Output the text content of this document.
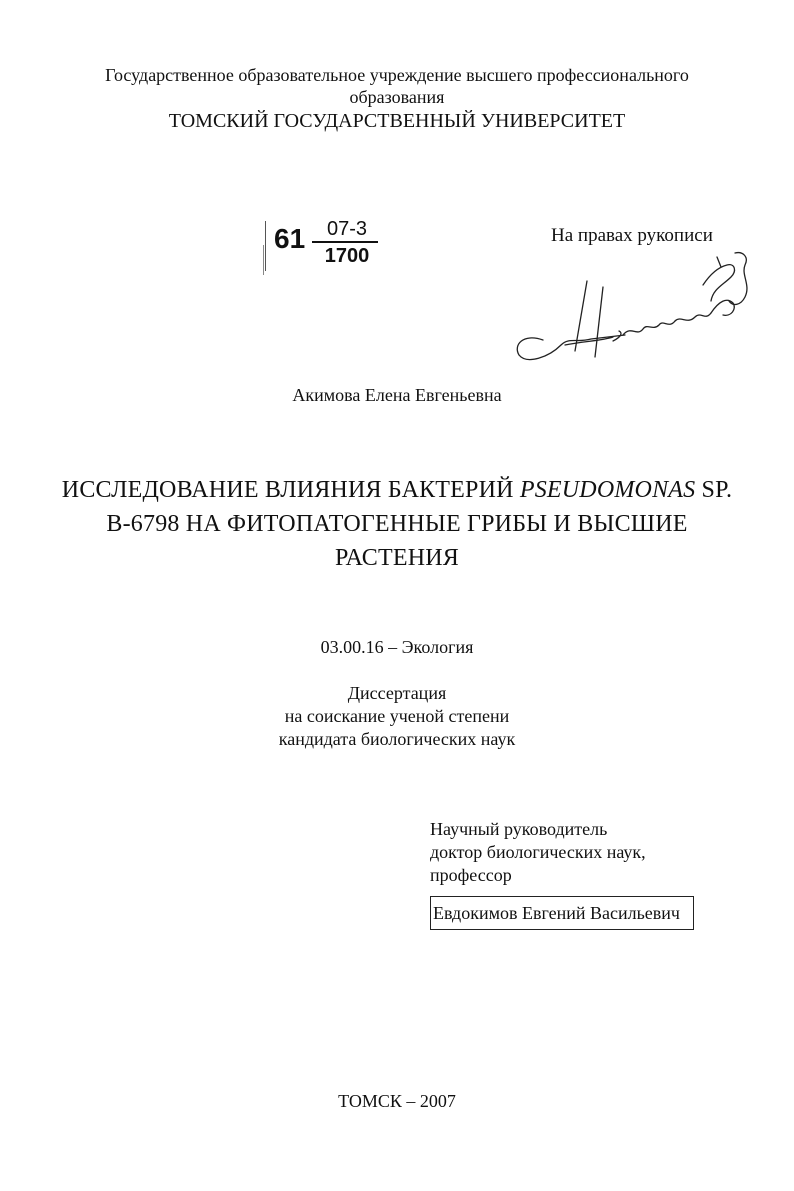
Государственное образовательное учреждение высшего профессионального образования
ТОМСКИЙ ГОСУДАРСТВЕННЫЙ УНИВЕРСИТЕТ
61	07-3
1700
На правах рукописи
Акимова Елена Евгеньевна
ИССЛЕДОВАНИЕ ВЛИЯНИЯ БАКТЕРИЙ PSEUDOMONAS SP. В-6798 НА ФИТОПАТОГЕННЫЕ ГРИБЫ И ВЫСШИЕ РАСТЕНИЯ
03.00.16 – Экология
Диссертация
на соискание ученой степени
кандидата биологических наук
Научный руководитель
доктор биологических наук,
профессор
Евдокимов Евгений Васильевич
ТОМСК – 2007
